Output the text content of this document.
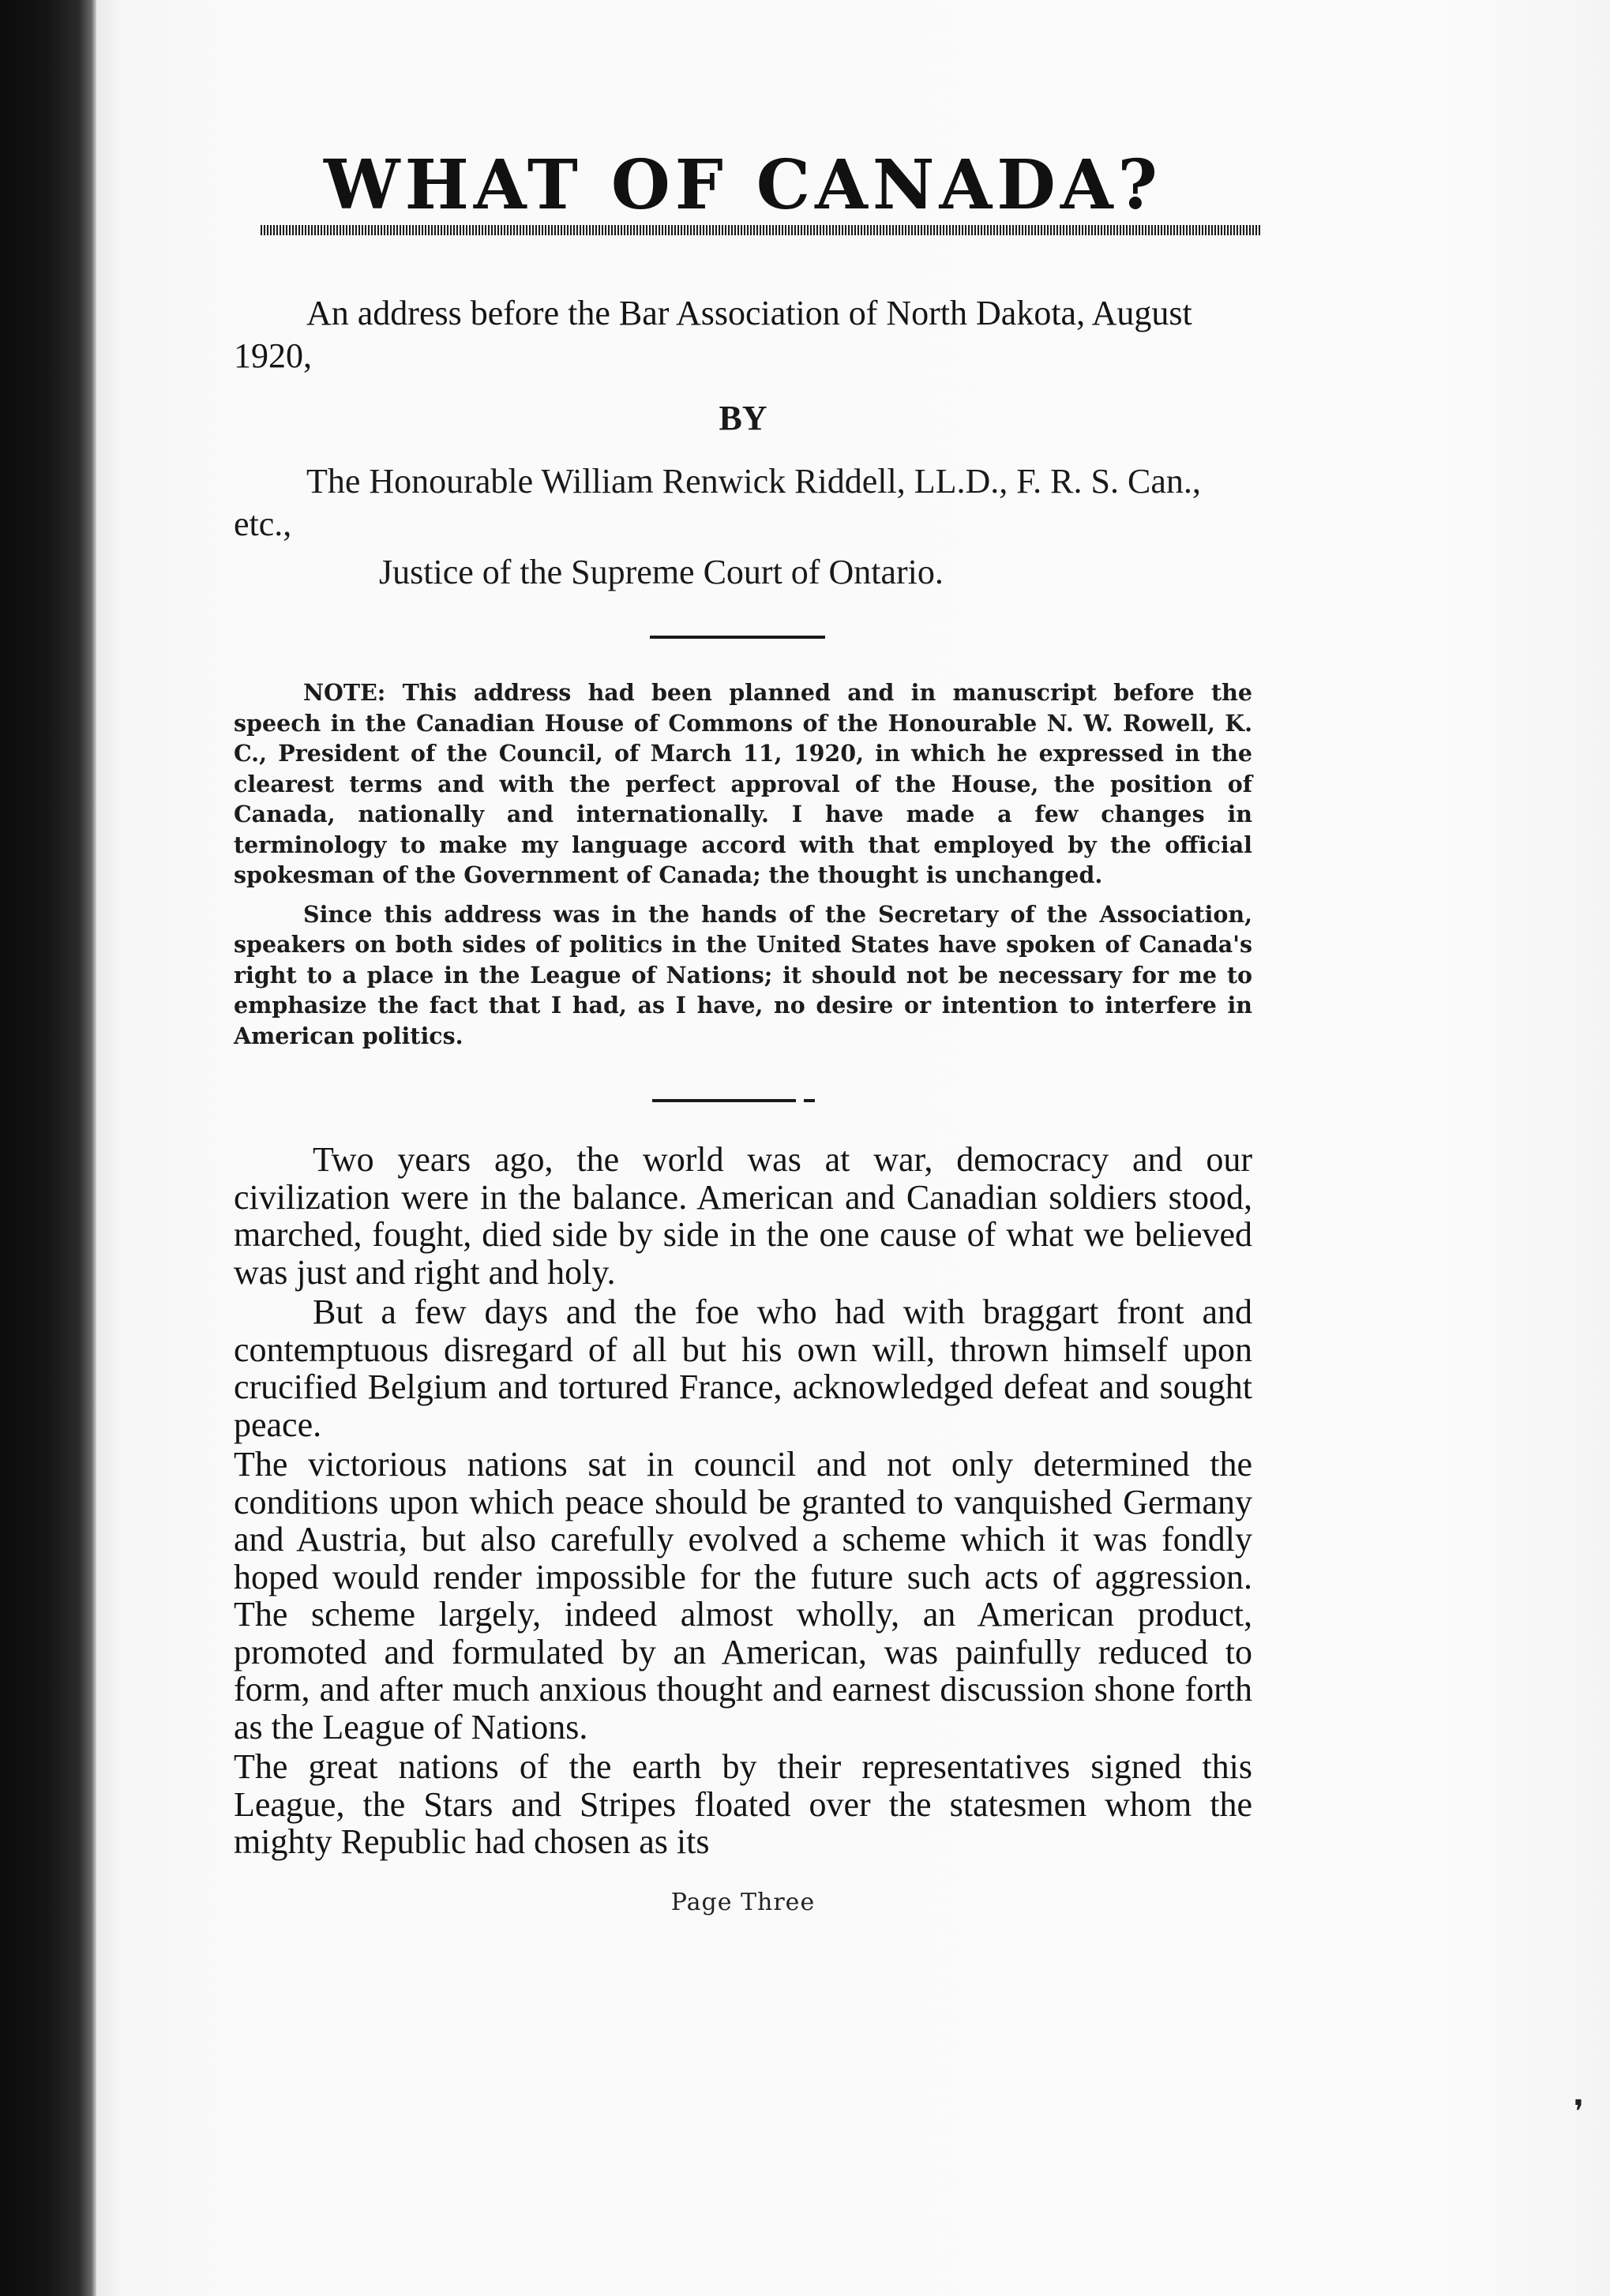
❜
WHAT OF CANADA?
An address before the Bar Association of North Dakota, August 1920,
BY
The Honourable William Renwick Riddell, LL.D., F. R. S. Can., etc.,
Justice of the Supreme Court of Ontario.

NOTE: This address had been planned and in manuscript before the speech in the Canadian House of Commons of the Honourable N. W. Rowell, K. C., President of the Council, of March 11, 1920, in which he expressed in the clearest terms and with the perfect approval of the House, the position of Canada, nationally and internationally. I have made a few changes in terminology to make my language accord with that employed by the official spokesman of the Government of Canada; the thought is unchanged.

Since this address was in the hands of the Secretary of the Association, speakers on both sides of politics in the United States have spoken of Canada's right to a place in the League of Nations; it should not be necessary for me to emphasize the fact that I had, as I have, no desire or intention to interfere in American politics.

Two years ago, the world was at war, democracy and our civilization were in the balance. American and Canadian soldiers stood, marched, fought, died side by side in the one cause of what we believed was just and right and holy.

But a few days and the foe who had with braggart front and contemptuous disregard of all but his own will, thrown himself upon crucified Belgium and tortured France, acknowledged defeat and sought peace.

The victorious nations sat in council and not only determined the conditions upon which peace should be granted to vanquished Germany and Austria, but also carefully evolved a scheme which it was fondly hoped would render impossible for the future such acts of aggression. The scheme largely, indeed almost wholly, an American product, promoted and formulated by an American, was painfully reduced to form, and after much anxious thought and earnest discussion shone forth as the League of Nations.

The great nations of the earth by their representatives signed this League, the Stars and Stripes floated over the statesmen whom the mighty Republic had chosen as its

Page Three
